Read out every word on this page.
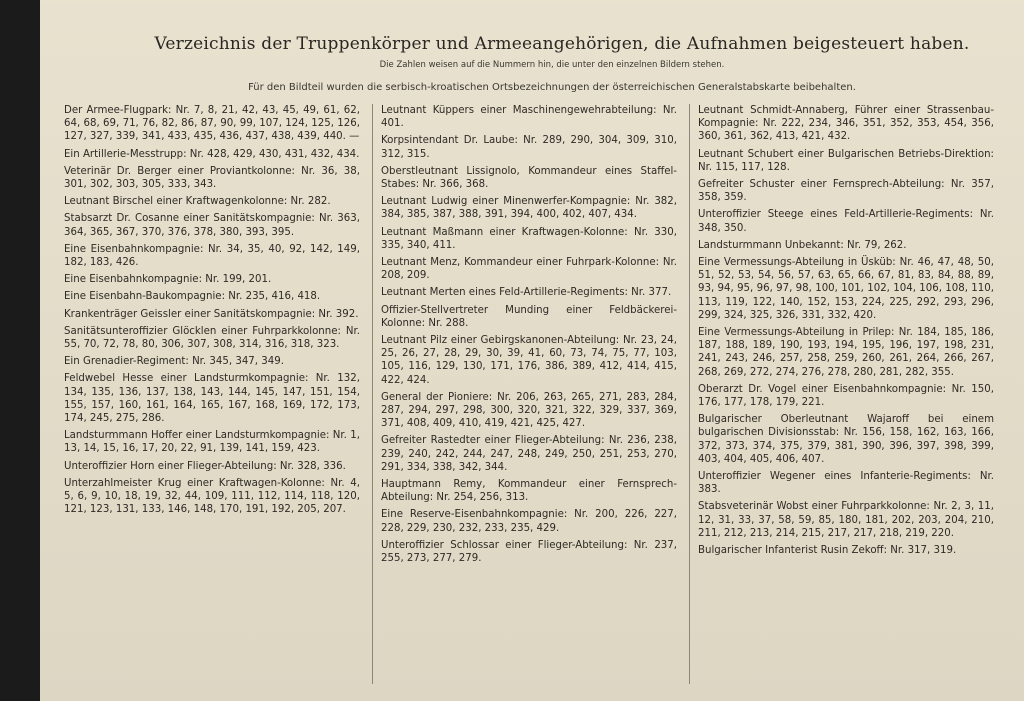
Verzeichnis der Truppenkörper und Armeeangehörigen, die Aufnahmen beigesteuert haben.
Die Zahlen weisen auf die Nummern hin, die unter den einzelnen Bildern stehen.
Für den Bildteil wurden die serbisch-kroatischen Ortsbezeichnungen der österreichischen Generalstabskarte beibehalten.
Der Armee-Flugpark: Nr. 7, 8, 21, 42, 43, 45, 49, 61, 62, 64, 68, 69, 71, 76, 82, 86, 87, 90, 99, 107, 124, 125, 126, 127, 327, 339, 341, 433, 435, 436, 437, 438, 439, 440. —
Ein Artillerie-Messtrupp: Nr. 428, 429, 430, 431, 432, 434.
Veterinär Dr. Berger einer Proviantkolonne: Nr. 36, 38, 301, 302, 303, 305, 333, 343.
Leutnant Birschel einer Kraftwagenkolonne: Nr. 282.
Stabsarzt Dr. Cosanne einer Sanitätskompagnie: Nr. 363, 364, 365, 367, 370, 376, 378, 380, 393, 395.
Eine Eisenbahnkompagnie: Nr. 34, 35, 40, 92, 142, 149, 182, 183, 426.
Eine Eisenbahnkompagnie: Nr. 199, 201.
Eine Eisenbahn-Baukompagnie: Nr. 235, 416, 418.
Krankenträger Geissler einer Sanitätskompagnie: Nr. 392.
Sanitätsunteroffizier Glöcklen einer Fuhrparkkolonne: Nr. 55, 70, 72, 78, 80, 306, 307, 308, 314, 316, 318, 323.
Ein Grenadier-Regiment: Nr. 345, 347, 349.
Feldwebel Hesse einer Landsturmkompagnie: Nr. 132, 134, 135, 136, 137, 138, 143, 144, 145, 147, 151, 154, 155, 157, 160, 161, 164, 165, 167, 168, 169, 172, 173, 174, 245, 275, 286.
Landsturmmann Hoffer einer Landsturmkompagnie: Nr. 1, 13, 14, 15, 16, 17, 20, 22, 91, 139, 141, 159, 423.
Unteroffizier Horn einer Flieger-Abteilung: Nr. 328, 336.
Unterzahlmeister Krug einer Kraftwagen-Kolonne: Nr. 4, 5, 6, 9, 10, 18, 19, 32, 44, 109, 111, 112, 114, 118, 120, 121, 123, 131, 133, 146, 148, 170, 191, 192, 205, 207.
Leutnant Küppers einer Maschinengewehrabteilung: Nr. 401.
Korpsintendant Dr. Laube: Nr. 289, 290, 304, 309, 310, 312, 315.
Oberstleutnant Lissignolo, Kommandeur eines Staffel-Stabes: Nr. 366, 368.
Leutnant Ludwig einer Minenwerfer-Kompagnie: Nr. 382, 384, 385, 387, 388, 391, 394, 400, 402, 407, 434.
Leutnant Maßmann einer Kraftwagen-Kolonne: Nr. 330, 335, 340, 411.
Leutnant Menz, Kommandeur einer Fuhrpark-Kolonne: Nr. 208, 209.
Leutnant Merten eines Feld-Artillerie-Regiments: Nr. 377.
Offizier-Stellvertreter Munding einer Feldbäckerei-Kolonne: Nr. 288.
Leutnant Pilz einer Gebirgskanonen-Abteilung: Nr. 23, 24, 25, 26, 27, 28, 29, 30, 39, 41, 60, 73, 74, 75, 77, 103, 105, 116, 129, 130, 171, 176, 386, 389, 412, 414, 415, 422, 424.
General der Pioniere: Nr. 206, 263, 265, 271, 283, 284, 287, 294, 297, 298, 300, 320, 321, 322, 329, 337, 369, 371, 408, 409, 410, 419, 421, 425, 427.
Gefreiter Rastedter einer Flieger-Abteilung: Nr. 236, 238, 239, 240, 242, 244, 247, 248, 249, 250, 251, 253, 270, 291, 334, 338, 342, 344.
Hauptmann Remy, Kommandeur einer Fernsprech-Abteilung: Nr. 254, 256, 313.
Eine Reserve-Eisenbahnkompagnie: Nr. 200, 226, 227, 228, 229, 230, 232, 233, 235, 429.
Unteroffizier Schlossar einer Flieger-Abteilung: Nr. 237, 255, 273, 277, 279.
Leutnant Schmidt-Annaberg, Führer einer Strassenbau-Kompagnie: Nr. 222, 234, 346, 351, 352, 353, 454, 356, 360, 361, 362, 413, 421, 432.
Leutnant Schubert einer Bulgarischen Betriebs-Direktion: Nr. 115, 117, 128.
Gefreiter Schuster einer Fernsprech-Abteilung: Nr. 357, 358, 359.
Unteroffizier Steege eines Feld-Artillerie-Regiments: Nr. 348, 350.
Landsturmmann Unbekannt: Nr. 79, 262.
Eine Vermessungs-Abteilung in Üsküb: Nr. 46, 47, 48, 50, 51, 52, 53, 54, 56, 57, 63, 65, 66, 67, 81, 83, 84, 88, 89, 93, 94, 95, 96, 97, 98, 100, 101, 102, 104, 106, 108, 110, 113, 119, 122, 140, 152, 153, 224, 225, 292, 293, 296, 299, 324, 325, 326, 331, 332, 420.
Eine Vermessungs-Abteilung in Prilep: Nr. 184, 185, 186, 187, 188, 189, 190, 193, 194, 195, 196, 197, 198, 231, 241, 243, 246, 257, 258, 259, 260, 261, 264, 266, 267, 268, 269, 272, 274, 276, 278, 280, 281, 282, 355.
Oberarzt Dr. Vogel einer Eisenbahnkompagnie: Nr. 150, 176, 177, 178, 179, 221.
Bulgarischer Oberleutnant Wajaroff bei einem bulgarischen Divisionsstab: Nr. 156, 158, 162, 163, 166, 372, 373, 374, 375, 379, 381, 390, 396, 397, 398, 399, 403, 404, 405, 406, 407.
Unteroffizier Wegener eines Infanterie-Regiments: Nr. 383.
Stabsveterinär Wobst einer Fuhrparkkolonne: Nr. 2, 3, 11, 12, 31, 33, 37, 58, 59, 85, 180, 181, 202, 203, 204, 210, 211, 212, 213, 214, 215, 217, 217, 218, 219, 220.
Bulgarischer Infanterist Rusin Zekoff: Nr. 317, 319.
